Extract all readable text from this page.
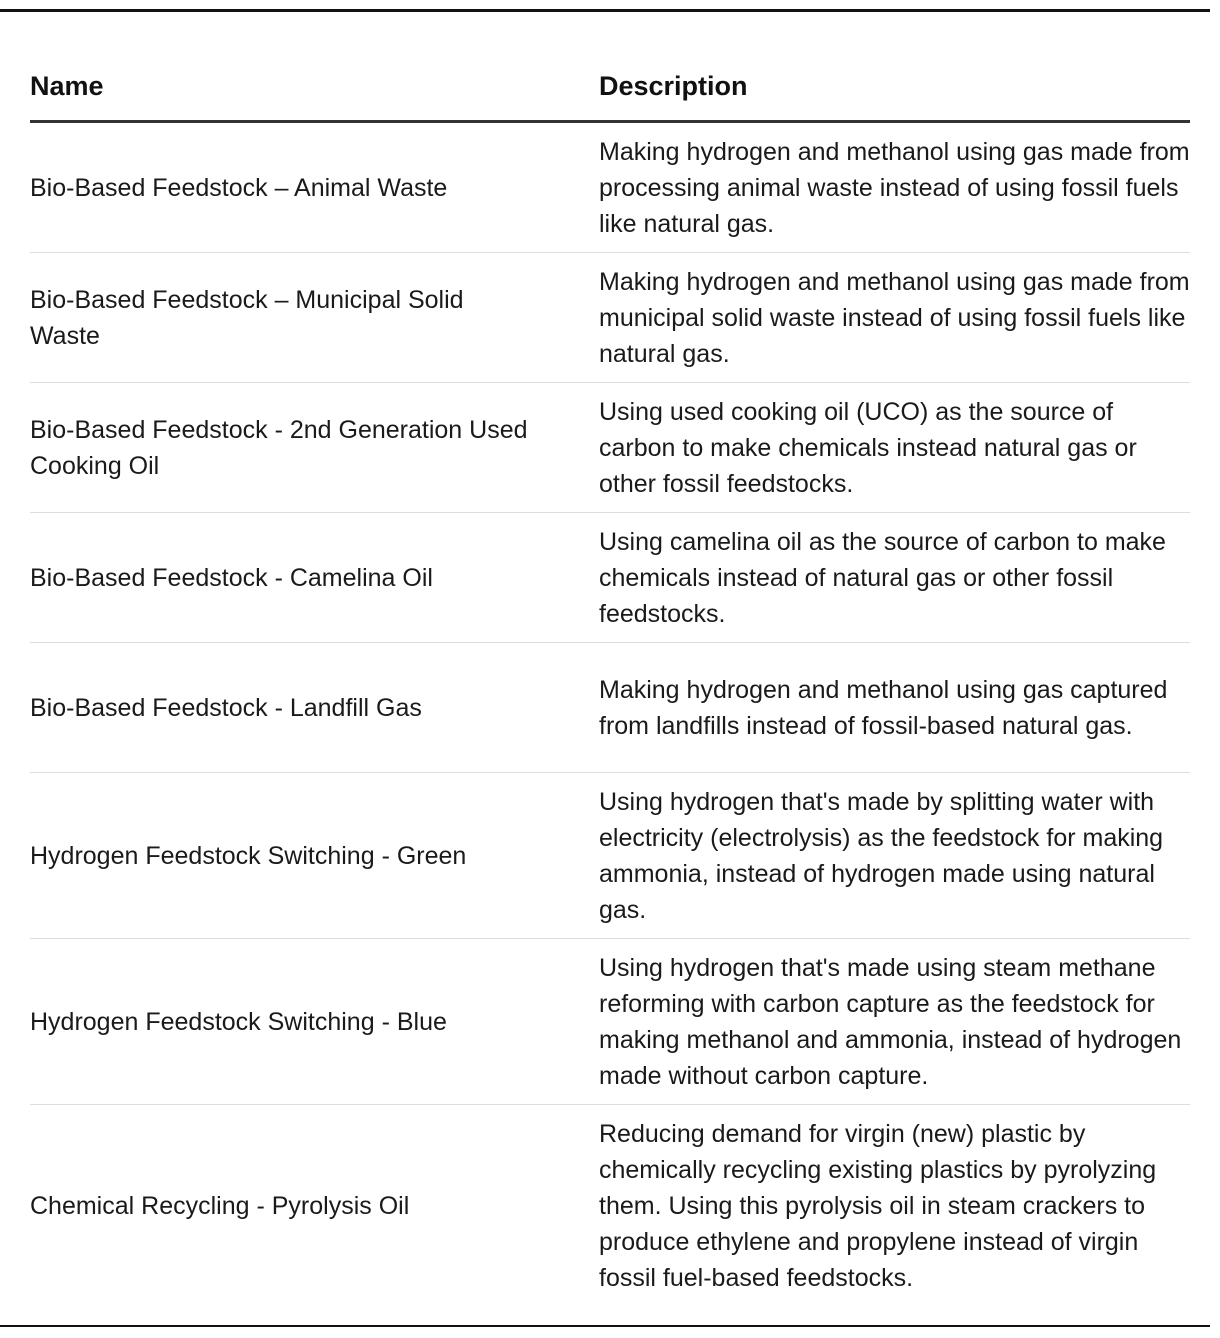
Name	Description
Bio-Based Feedstock – Animal Waste
Making hydrogen and methanol using gas made from processing animal waste instead of using fossil fuels like natural gas.
Bio-Based Feedstock – Municipal Solid Waste
Making hydrogen and methanol using gas made from municipal solid waste instead of using fossil fuels like natural gas.
Bio-Based Feedstock - 2nd Generation Used Cooking Oil
Using used cooking oil (UCO) as the source of carbon to make chemicals instead natural gas or other fossil feedstocks.
Bio-Based Feedstock - Camelina Oil
Using camelina oil as the source of carbon to make chemicals instead of natural gas or other fossil feedstocks.
Bio-Based Feedstock - Landfill Gas
Making hydrogen and methanol using gas captured from landfills instead of fossil-based natural gas.
Hydrogen Feedstock Switching - Green
Using hydrogen that's made by splitting water with electricity (electrolysis) as the feedstock for making ammonia, instead of hydrogen made using natural gas.
Hydrogen Feedstock Switching - Blue
Using hydrogen that's made using steam methane reforming with carbon capture as the feedstock for making methanol and ammonia, instead of hydrogen made without carbon capture.
Chemical Recycling - Pyrolysis Oil
Reducing demand for virgin (new) plastic by chemically recycling existing plastics by pyrolyzing them. Using this pyrolysis oil in steam crackers to produce ethylene and propylene instead of virgin fossil fuel-based feedstocks.
